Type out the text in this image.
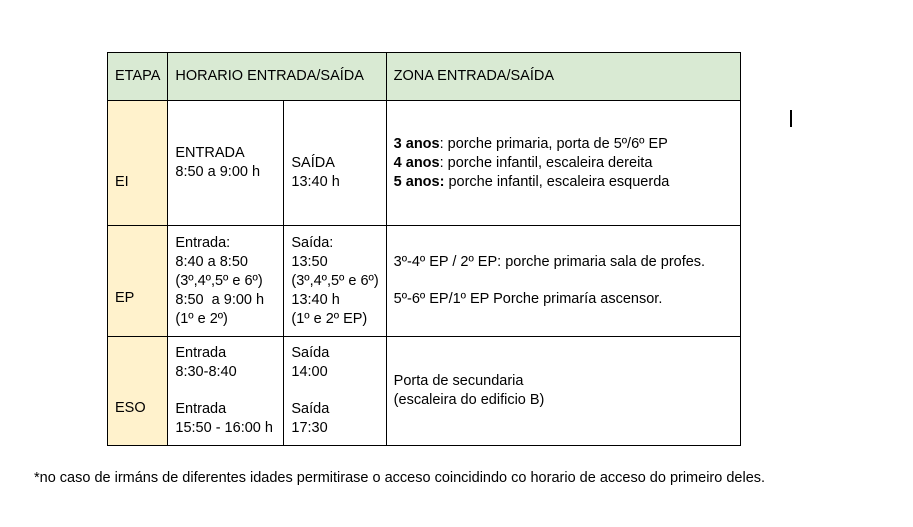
ETAPA	HORARIO ENTRADA/SAÍDA		ZONA ENTRADA/SAÍDA

EI	ENTRADA
8:50 a 9:00 h	SAÍDA
13:40 h	3 anos: porche primaria, porta de 5º/6º EP
4 anos: porche infantil, escaleira dereita
5 anos: porche infantil, escaleira esquerda

EP	Entrada:
8:40 a 8:50
(3º,4º,5º e 6º)
8:50  a 9:00 h
(1º e 2º)	Saída:
13:50
(3º,4º,5º e 6º)
13:40 h
(1º e 2º EP)	3º-4º EP / 2º EP: porche primaria sala de profes.
5º-6º EP/1º EP Porche primaría ascensor.

ESO	Entrada
8:30-8:40
Entrada
15:50 - 16:00 h	Saída
14:00
Saída
17:30	Porta de secundaria
(escaleira do edificio B)
*no caso de irmáns de diferentes idades permitirase o acceso coincidindo co horario de acceso do primeiro deles.
